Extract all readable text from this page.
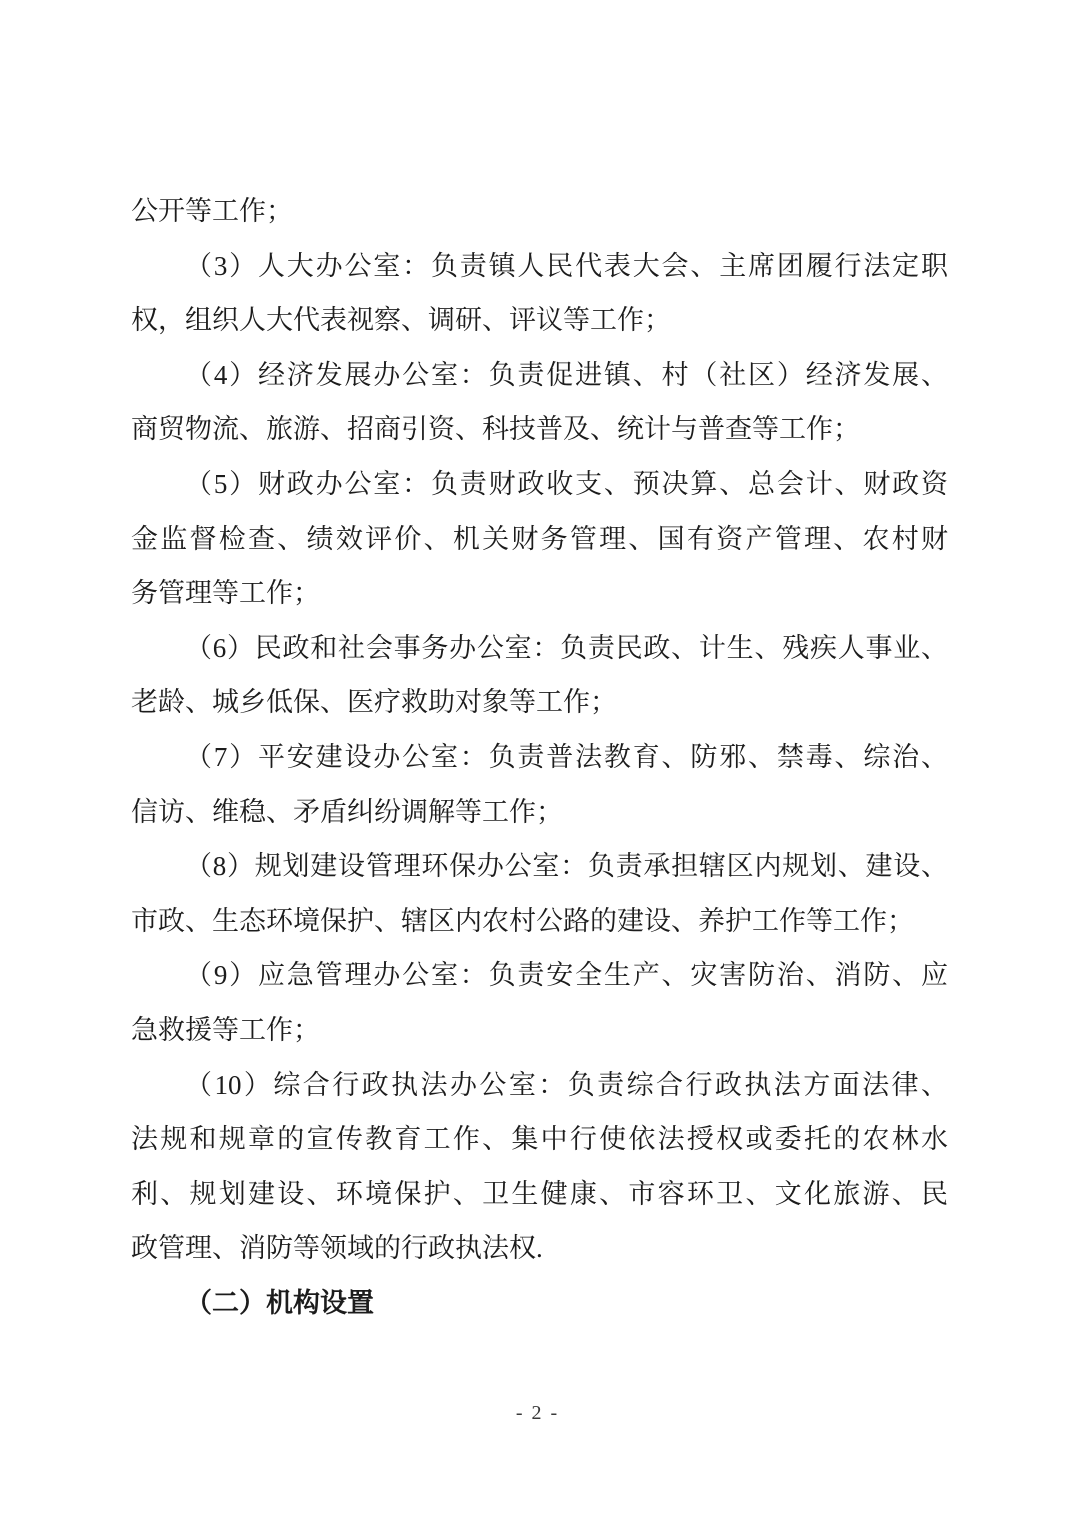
公开等工作；
（3）人大办公室：负责镇人民代表大会、主席团履行法定职
权，组织人大代表视察、调研、评议等工作；
（4）经济发展办公室：负责促进镇、村（社区）经济发展、
商贸物流、旅游、招商引资、科技普及、统计与普查等工作；
（5）财政办公室：负责财政收支、预决算、总会计、财政资
金监督检查、绩效评价、机关财务管理、国有资产管理、农村财
务管理等工作；
（6）民政和社会事务办公室：负责民政、计生、残疾人事业、
老龄、城乡低保、医疗救助对象等工作；
（7）平安建设办公室：负责普法教育、防邪、禁毒、综治、
信访、维稳、矛盾纠纷调解等工作；
（8）规划建设管理环保办公室：负责承担辖区内规划、建设、
市政、生态环境保护、辖区内农村公路的建设、养护工作等工作；
（9）应急管理办公室：负责安全生产、灾害防治、消防、应
急救援等工作；
（10）综合行政执法办公室：负责综合行政执法方面法律、
法规和规章的宣传教育工作、集中行使依法授权或委托的农林水
利、规划建设、环境保护、卫生健康、市容环卫、文化旅游、民
政管理、消防等领域的行政执法权.
（二）机构设置
- 2 -
